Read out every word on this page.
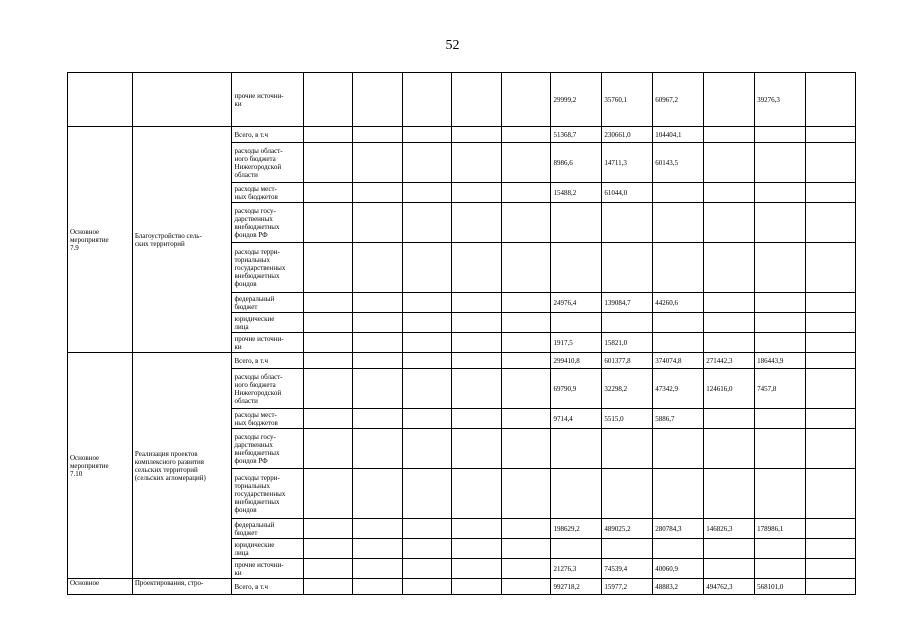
52
		прочие источни-
ки						29999,2	35760,1	60967,2		39276,3	
Основное
мероприятие
7.9	Благоустройство сель-
ских территорий	Всего, в т.ч						51368,7	230661,0	104404,1			
		расходы област-
ного бюджета
Нижегородской
области						8986,6	14711,3	60143,5			
		расходы мест-
ных бюджетов						15488,2	61044,0				
		расходы госу-
дарственных
внебюджетных
фондов РФ											
		расходы терри-
ториальных
государственных
внебюджетных
фондов											
		федеральный
бюджет						24976,4	139084,7	44260,6			
		юридические
лица											
		прочие источни-
ки						1917,5	15821,0				
Основное
мероприятие
7.10	Реализация проектов
комплексного развития
сельских территорий
(сельских агломераций)	Всего, в т.ч						299410,8	601377,8	374074,8	271442,3	186443,9	
		расходы област-
ного бюджета
Нижегородской
области						69790,9	32298,2	47342,9	124616,0	7457,8	
		расходы мест-
ных бюджетов						9714,4	5515,0	5886,7			
		расходы госу-
дарственных
внебюджетных
фондов РФ											
		расходы терри-
ториальных
государственных
внебюджетных
фондов											
		федеральный
бюджет						198629,2	489025,2	280784,3	146826,3	178986,1	
		юридические
лица											
		прочие источни-
ки						21276,3	74539,4	40060,9			
Основное	Проектирования, стро-	Всего, в т.ч						992718,2	15977,2	48883,2	494762,3	568101,0	
